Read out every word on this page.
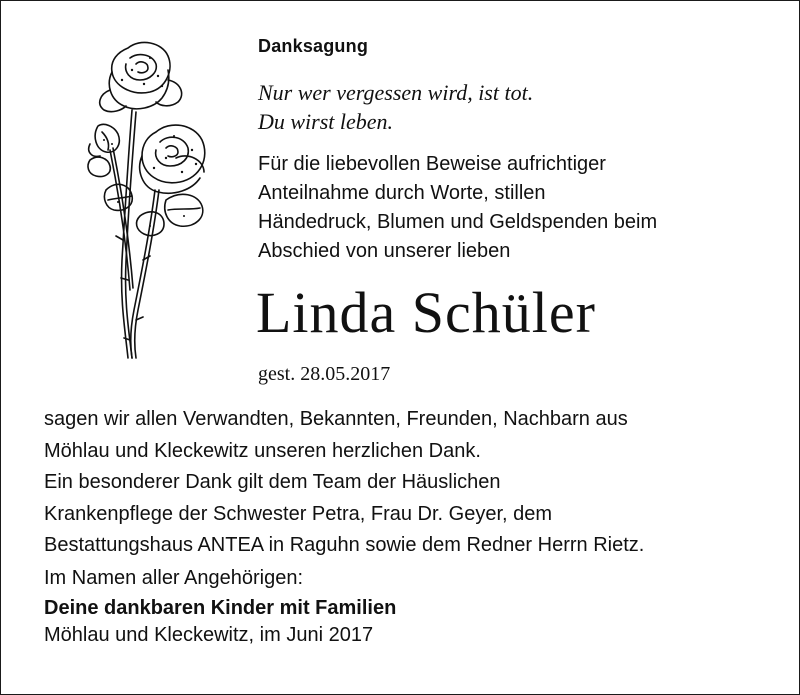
Danksagung
Nur wer vergessen wird, ist tot.
Du wirst leben.
Für die liebevollen Beweise aufrichtiger
Anteilnahme durch Worte, stillen
Händedruck, Blumen und Geldspenden beim
Abschied von unserer lieben
Linda Schüler
gest. 28.05.2017
sagen wir allen Verwandten, Bekannten, Freunden, Nachbarn aus
Möhlau und Kleckewitz unseren herzlichen Dank.
Ein besonderer Dank gilt dem Team der Häuslichen
Krankenpflege der Schwester Petra, Frau Dr. Geyer, dem
Bestattungshaus ANTEA in Raguhn sowie dem Redner Herrn Rietz.
Im Namen aller Angehörigen:
Deine dankbaren Kinder mit Familien
Möhlau und Kleckewitz, im Juni 2017
